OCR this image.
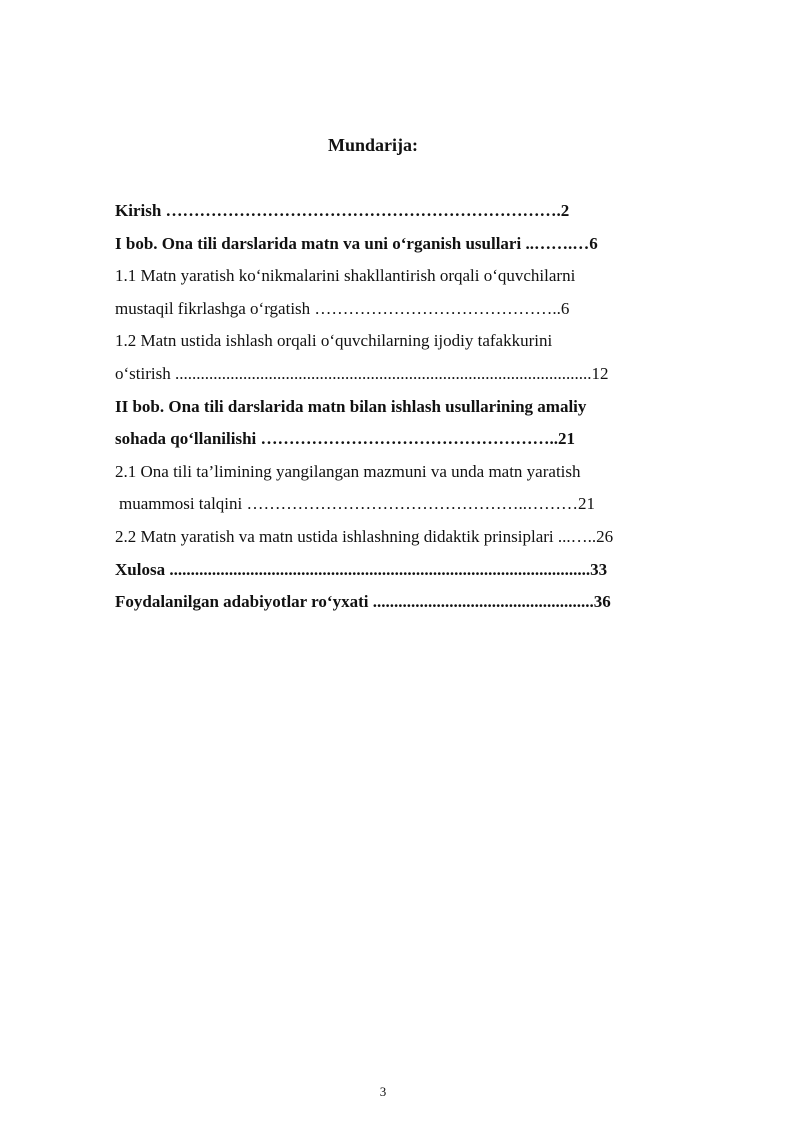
Mundarija:
Kirish …………………………………………………………….2
I bob. Ona tili darslarida matn va uni o‘rganish usullari ..…….…6
1.1 Matn yaratish ko‘nikmalarini shakllantirish orqali o‘quvchilarni
mustaqil fikrlashga o‘rgatish ……………………………………..6
1.2 Matn ustida ishlash orqali o‘quvchilarning ijodiy tafakkurini
o‘stirish ..................................................................................................12
II bob. Ona tili darslarida matn bilan ishlash usullarining amaliy
sohada qo‘llanilishi ……………………………………………..21
2.1 Ona tili ta’limining yangilangan mazmuni va unda matn yaratish
muammosi talqini …………………………………………..………21
2.2 Matn yaratish va matn ustida ishlashning didaktik prinsiplari ...…..26
Xulosa ...................................................................................................33
Foydalanilgan adabiyotlar ro‘yxati ....................................................36
3
